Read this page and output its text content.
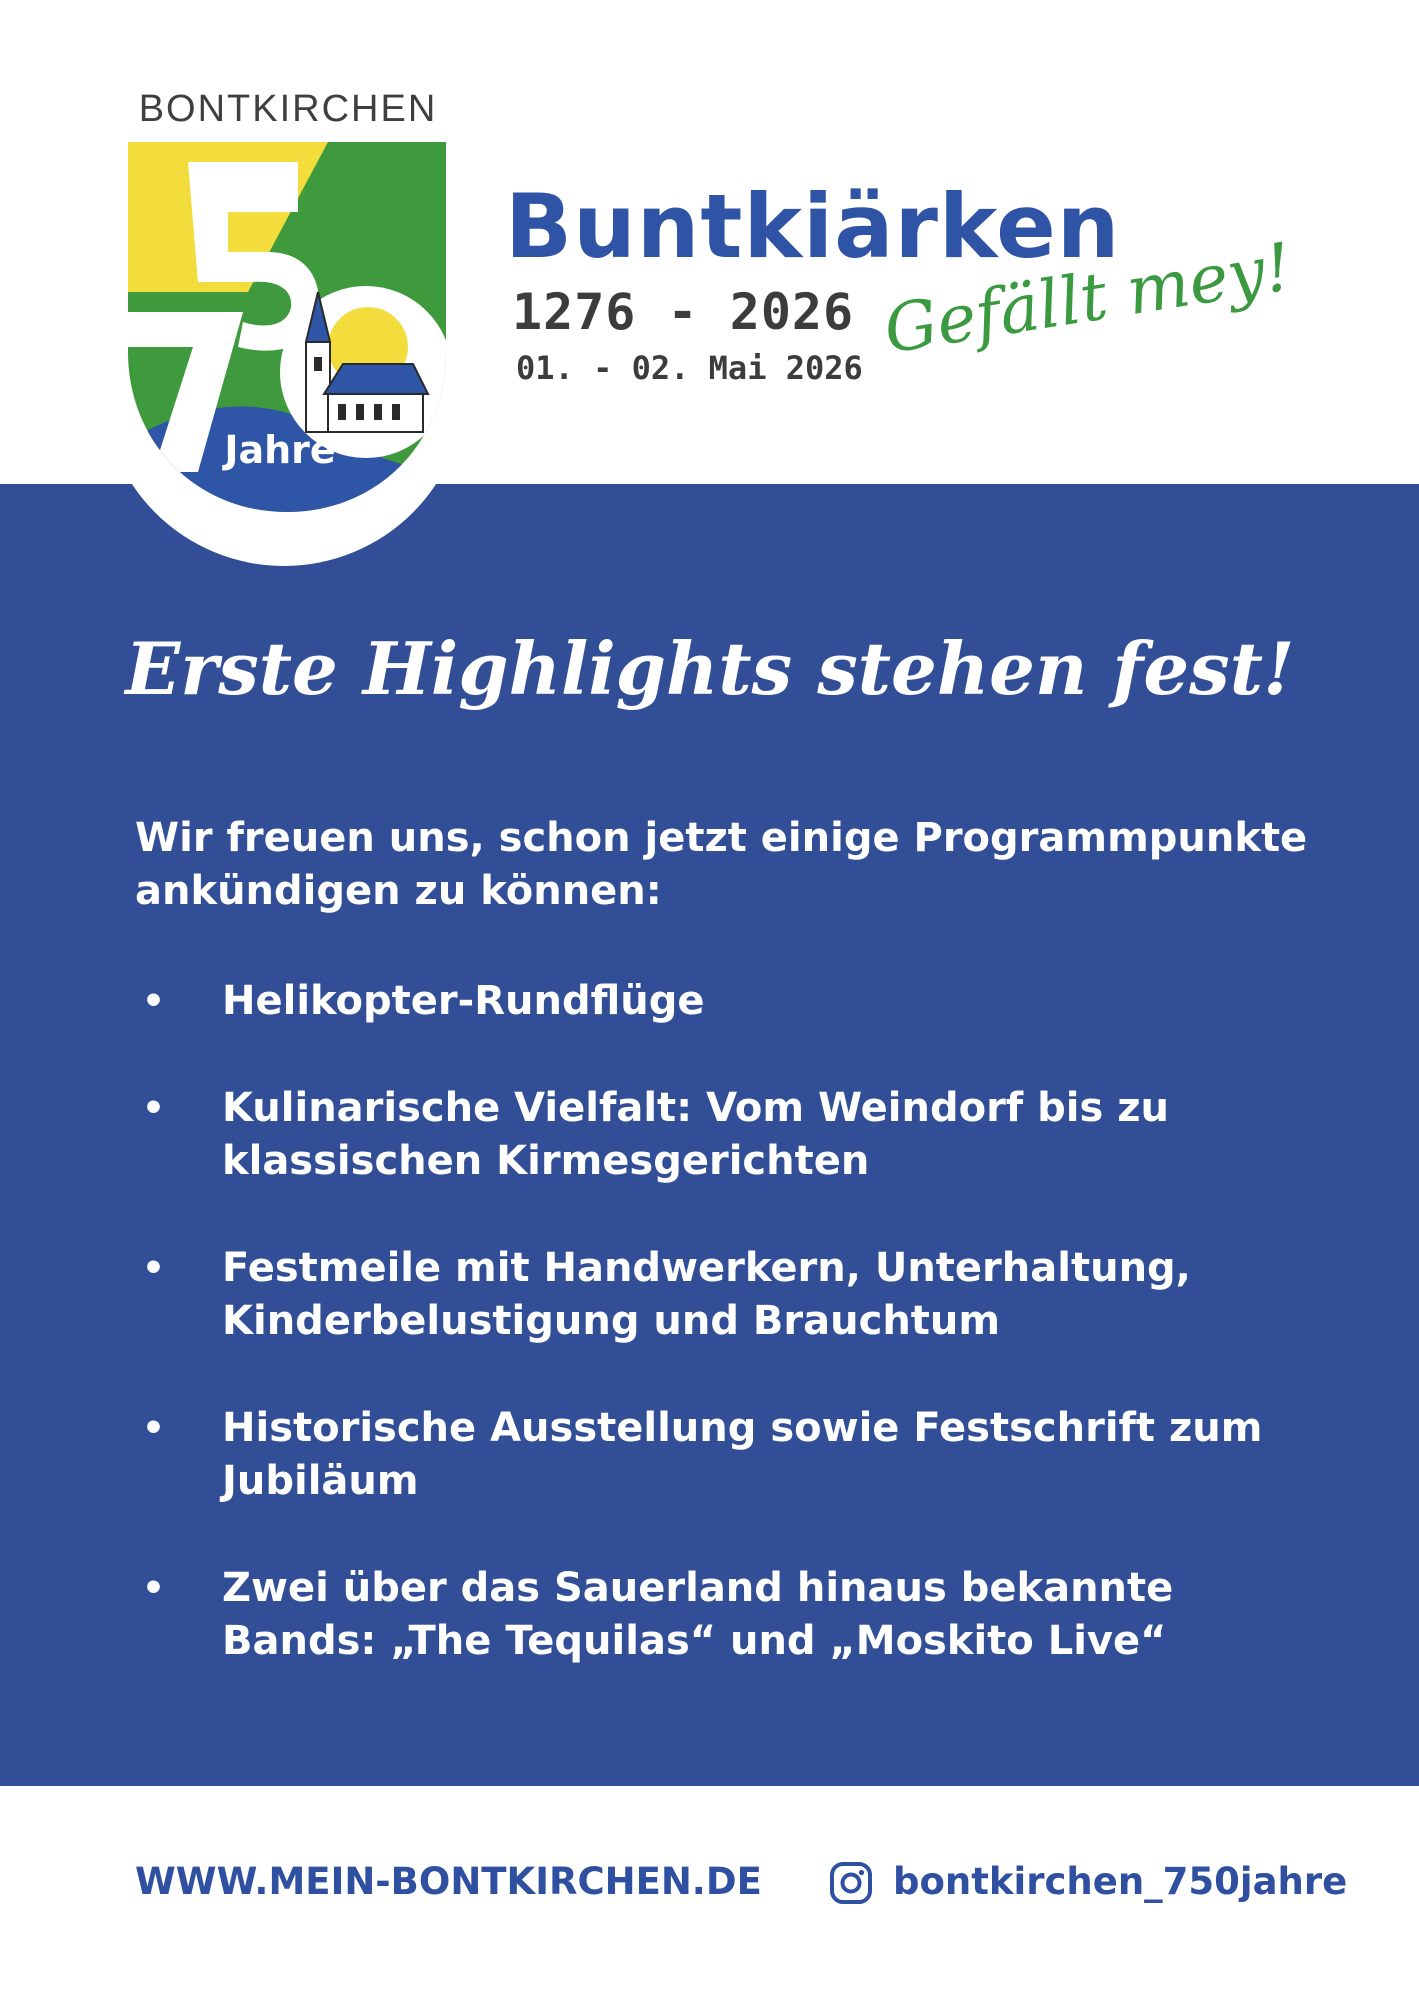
BONTKIRCHEN
Jahre
Buntkiärken
1276 - 2026
01. - 02. Mai 2026 Gefällt mey!
Erste Highlights stehen fest!
Wir freuen uns, schon jetzt einige Programmpunkte ankündigen zu können:
• Helikopter-Rundflüge
• Kulinarische Vielfalt: Vom Weindorf bis zu klassischen Kirmesgerichten
• Festmeile mit Handwerkern, Unterhaltung, Kinderbelustigung und Brauchtum
• Historische Ausstellung sowie Festschrift zum Jubiläum
• Zwei über das Sauerland hinaus bekannte Bands: „The Tequilas“ und „Moskito Live“
WWW.MEIN-BONTKIRCHEN.DE	bontkirchen_750jahre
